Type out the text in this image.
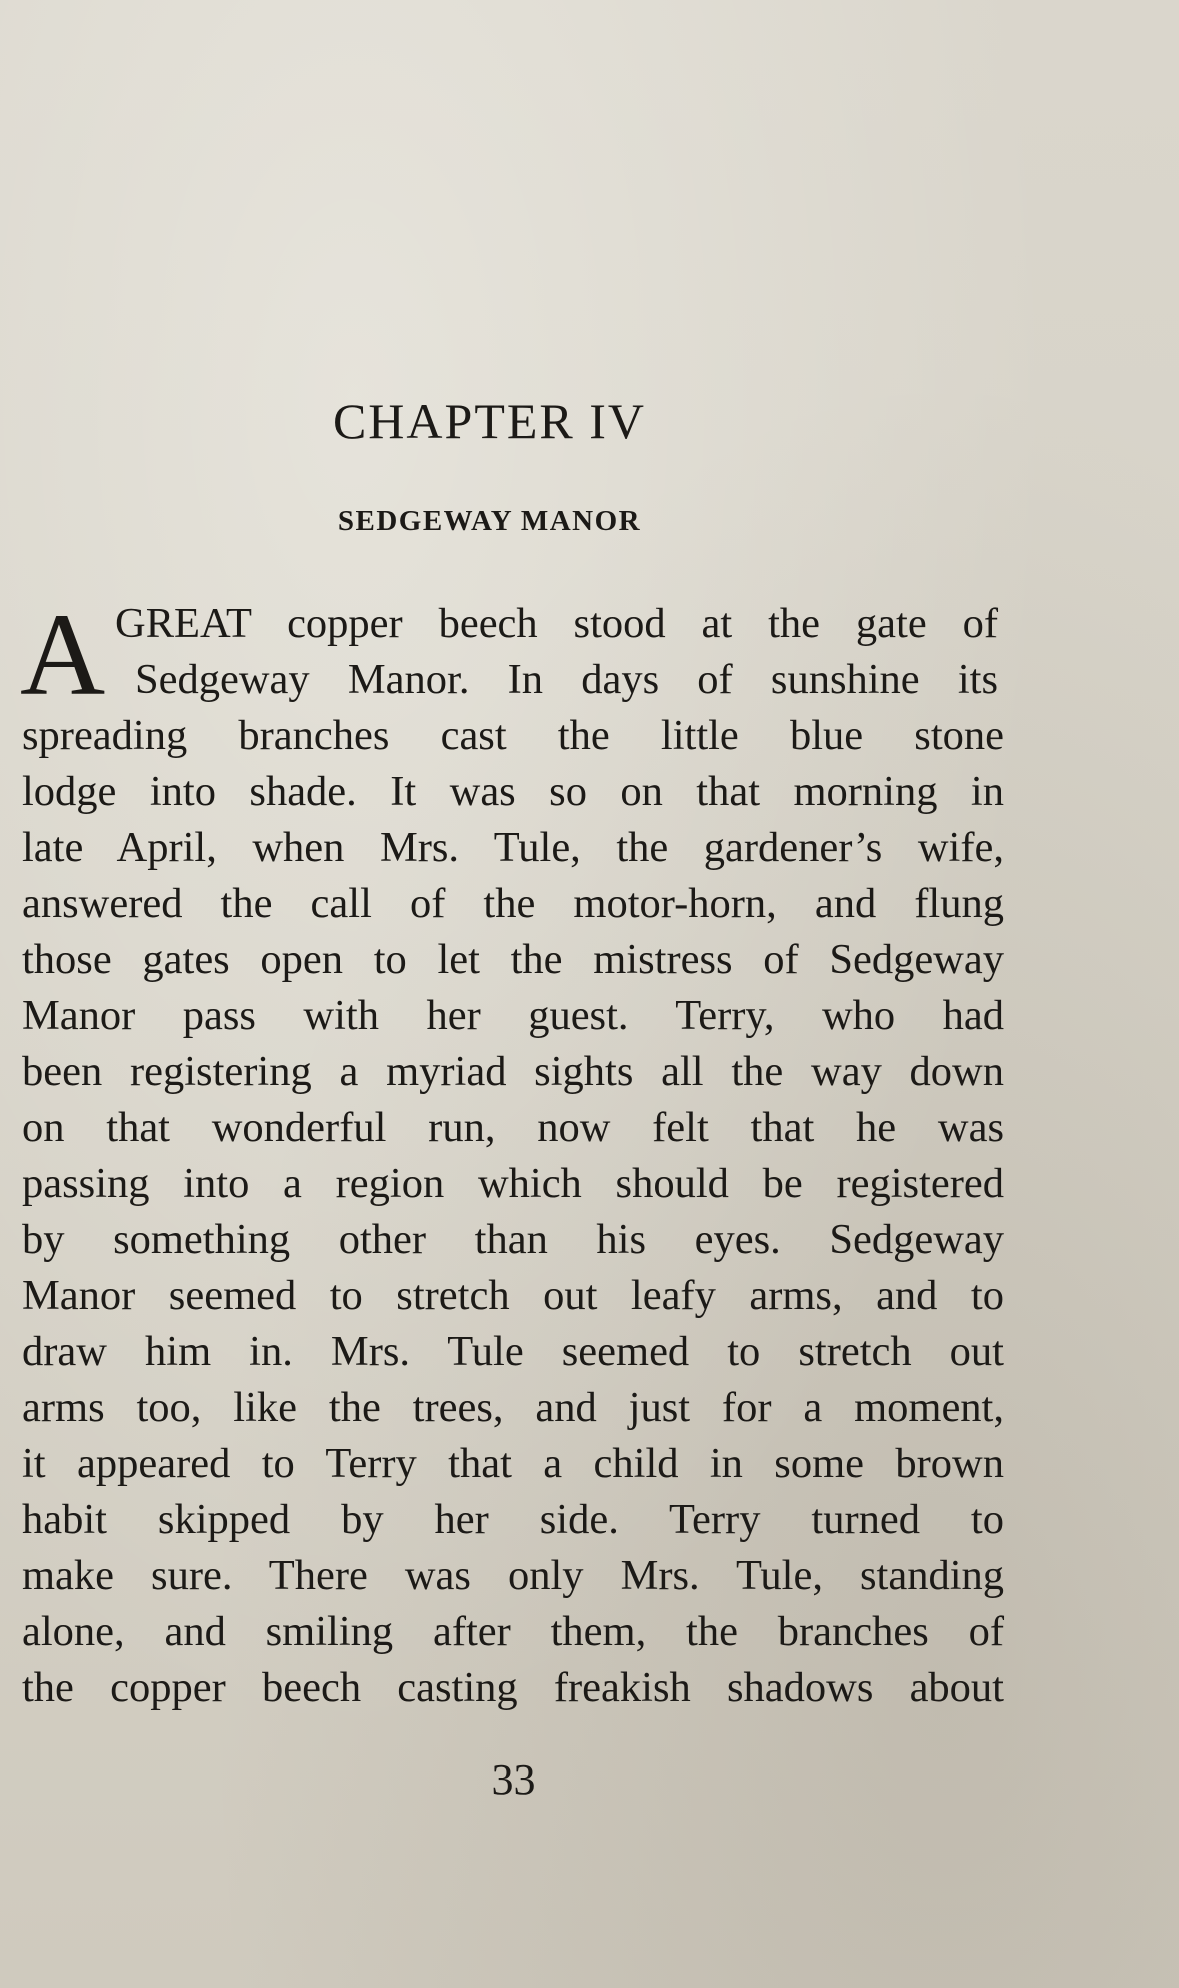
CHAPTER IV
SEDGEWAY MANOR
A GREAT copper beech stood at the gate of
Sedgeway Manor. In days of sunshine its
spreading branches cast the little blue stone
lodge into shade. It was so on that morning in
late April, when Mrs. Tule, the gardener’s wife,
answered the call of the motor-horn, and flung
those gates open to let the mistress of Sedgeway
Manor pass with her guest. Terry, who had
been registering a myriad sights all the way down
on that wonderful run, now felt that he was
passing into a region which should be registered
by something other than his eyes. Sedgeway
Manor seemed to stretch out leafy arms, and to
draw him in. Mrs. Tule seemed to stretch out
arms too, like the trees, and just for a moment,
it appeared to Terry that a child in some brown
habit skipped by her side. Terry turned to
make sure. There was only Mrs. Tule, standing
alone, and smiling after them, the branches of
the copper beech casting freakish shadows about
33
